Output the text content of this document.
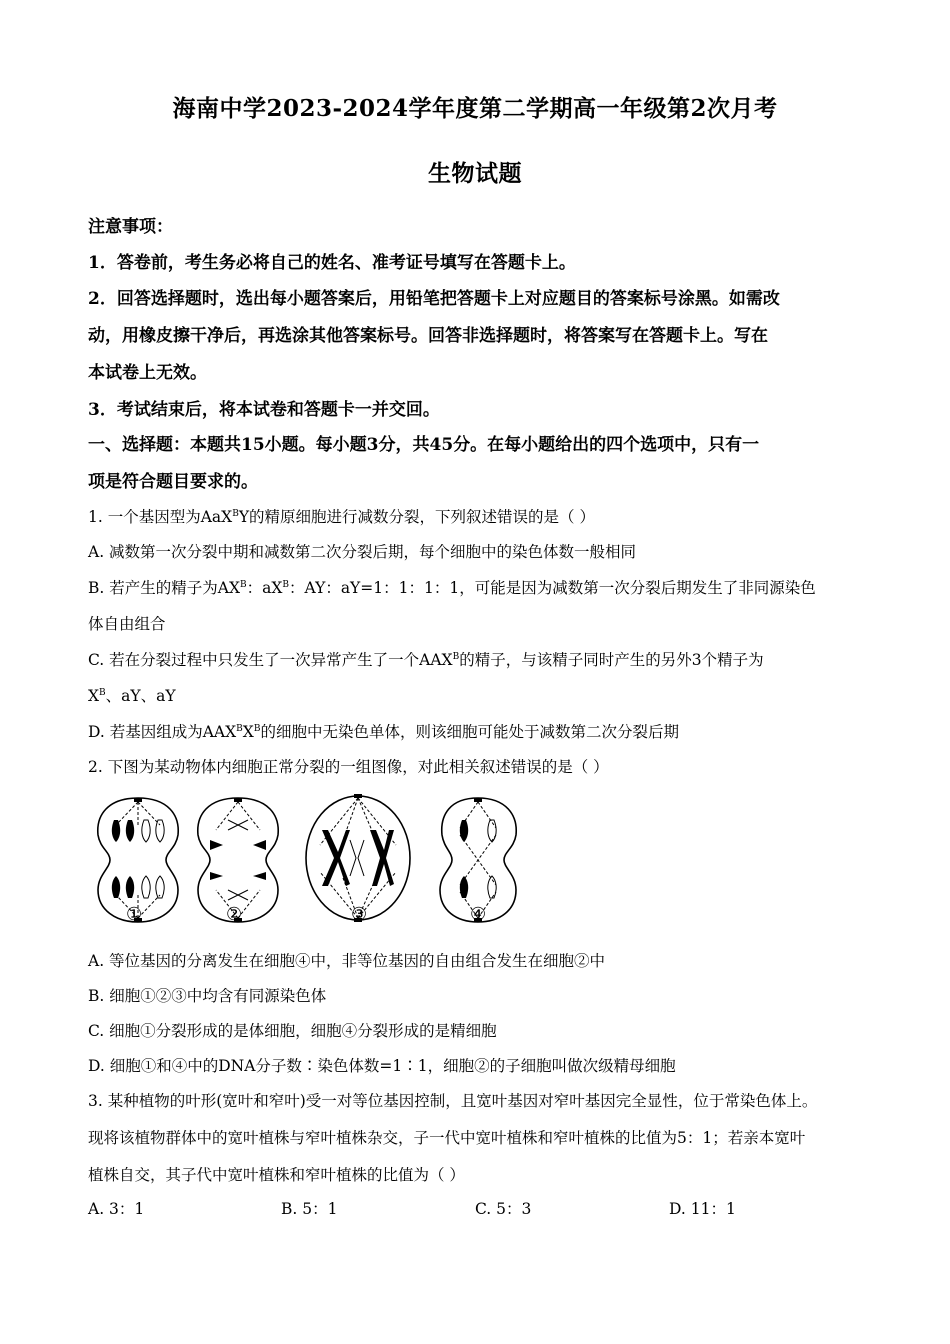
海南中学2023-2024学年度第二学期高一年级第2次月考
生物试题
注意事项：
1．答卷前，考生务必将自己的姓名、准考证号填写在答题卡上。
2．回答选择题时，选出每小题答案后，用铅笔把答题卡上对应题目的答案标号涂黑。如需改
动，用橡皮擦干净后，再选涂其他答案标号。回答非选择题时，将答案写在答题卡上。写在
本试卷上无效。
3．考试结束后，将本试卷和答题卡一并交回。
一、选择题：本题共15小题。每小题3分，共45分。在每小题给出的四个选项中，只有一
项是符合题目要求的。
1. 一个基因型为AaX$^B$Y的精原细胞进行减数分裂，下列叙述错误的是（ ）
A. 减数第一次分裂中期和减数第二次分裂后期，每个细胞中的染色体数一般相同
B. 若产生的精子为$AX^B$：$aX^B$：AY：aY=1：1：1：1，可能是因为减数第一次分裂后期发生了非同源染色
体自由组合
C. 若在分裂过程中只发生了一次异常产生了一个$AAX^B$的精子，与该精子同时产生的另外3个精子为
$X^B$、aY、aY
D. 若基因组成为$AAX^BX^B$的细胞中无染色单体，则该细胞可能处于减数第二次分裂后期
2. 下图为某动物体内细胞正常分裂的一组图像，对此相关叙述错误的是（ ）
①	②	③	④
A. 等位基因的分离发生在细胞④中，非等位基因的自由组合发生在细胞②中
B. 细胞①②③中均含有同源染色体
C. 细胞①分裂形成的是体细胞，细胞④分裂形成的是精细胞
D. 细胞①和④中的DNA分子数∶染色体数=1∶1，细胞②的子细胞叫做次级精母细胞
3. 某种植物的叶形(宽叶和窄叶)受一对等位基因控制，且宽叶基因对窄叶基因完全显性，位于常染色体上。
现将该植物群体中的宽叶植株与窄叶植株杂交，子一代中宽叶植株和窄叶植株的比值为5：1；若亲本宽叶
植株自交，其子代中宽叶植株和窄叶植株的比值为（ ）
A. 3：1	B. 5：1	C. 5：3	D. 11：1
